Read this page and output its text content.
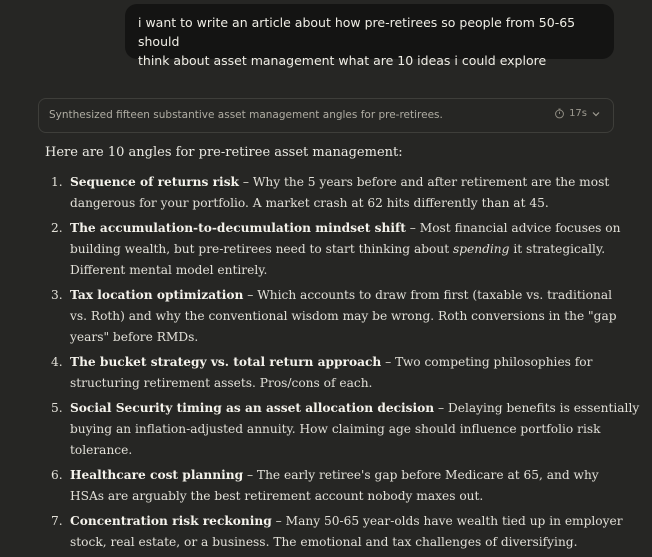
i want to write an article about how pre-retirees so people from 50-65 should
think about asset management what are 10 ideas i could explore
Synthesized fifteen substantive asset management angles for pre-retirees.	17s
Here are 10 angles for pre-retiree asset management:
1. Sequence of returns risk – Why the 5 years before and after retirement are the most
dangerous for your portfolio. A market crash at 62 hits differently than at 45.
2. The accumulation-to-decumulation mindset shift – Most financial advice focuses on
building wealth, but pre-retirees need to start thinking about spending it strategically.
Different mental model entirely.
3. Tax location optimization – Which accounts to draw from first (taxable vs. traditional
vs. Roth) and why the conventional wisdom may be wrong. Roth conversions in the "gap
years" before RMDs.
4. The bucket strategy vs. total return approach – Two competing philosophies for
structuring retirement assets. Pros/cons of each.
5. Social Security timing as an asset allocation decision – Delaying benefits is essentially
buying an inflation-adjusted annuity. How claiming age should influence portfolio risk
tolerance.
6. Healthcare cost planning – The early retiree's gap before Medicare at 65, and why
HSAs are arguably the best retirement account nobody maxes out.
7. Concentration risk reckoning – Many 50-65 year-olds have wealth tied up in employer
stock, real estate, or a business. The emotional and tax challenges of diversifying.
